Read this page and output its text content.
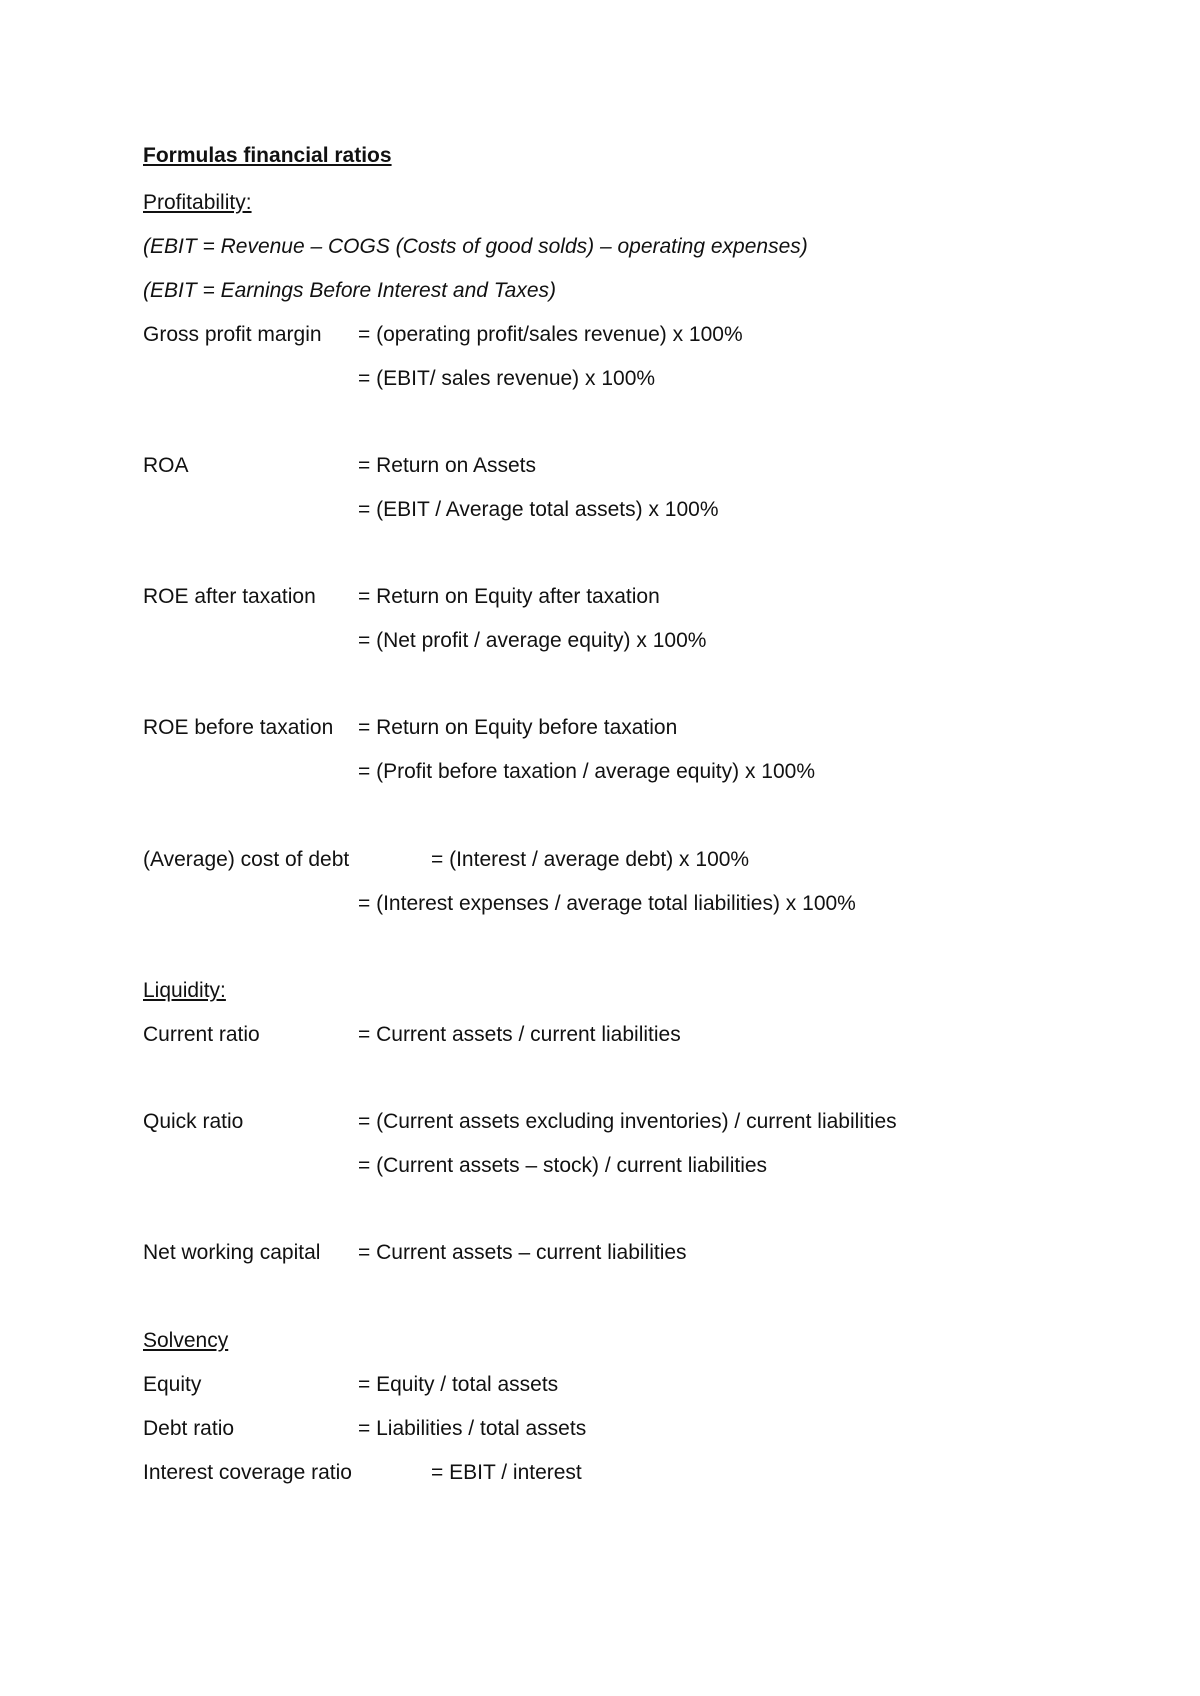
Formulas financial ratios
Profitability:
(EBIT = Revenue – COGS (Costs of good solds) – operating expenses)
(EBIT = Earnings Before Interest and Taxes)
Gross profit margin = (operating profit/sales revenue) x 100%
= (EBIT/ sales revenue) x 100%
ROA	= Return on Assets
= (EBIT / Average total assets) x 100%
ROE after taxation = Return on Equity after taxation
= (Net profit / average equity) x 100%
ROE before taxation = Return on Equity before taxation
= (Profit before taxation / average equity) x 100%
(Average) cost of debt	= (Interest / average debt) x 100%
= (Interest expenses / average total liabilities) x 100%
Liquidity:
Current ratio	= Current assets / current liabilities
Quick ratio	= (Current assets excluding inventories) / current liabilities
= (Current assets – stock) / current liabilities
Net working capital = Current assets – current liabilities
Solvency
Equity	= Equity / total assets
Debt ratio	= Liabilities / total assets
Interest coverage ratio	= EBIT / interest
